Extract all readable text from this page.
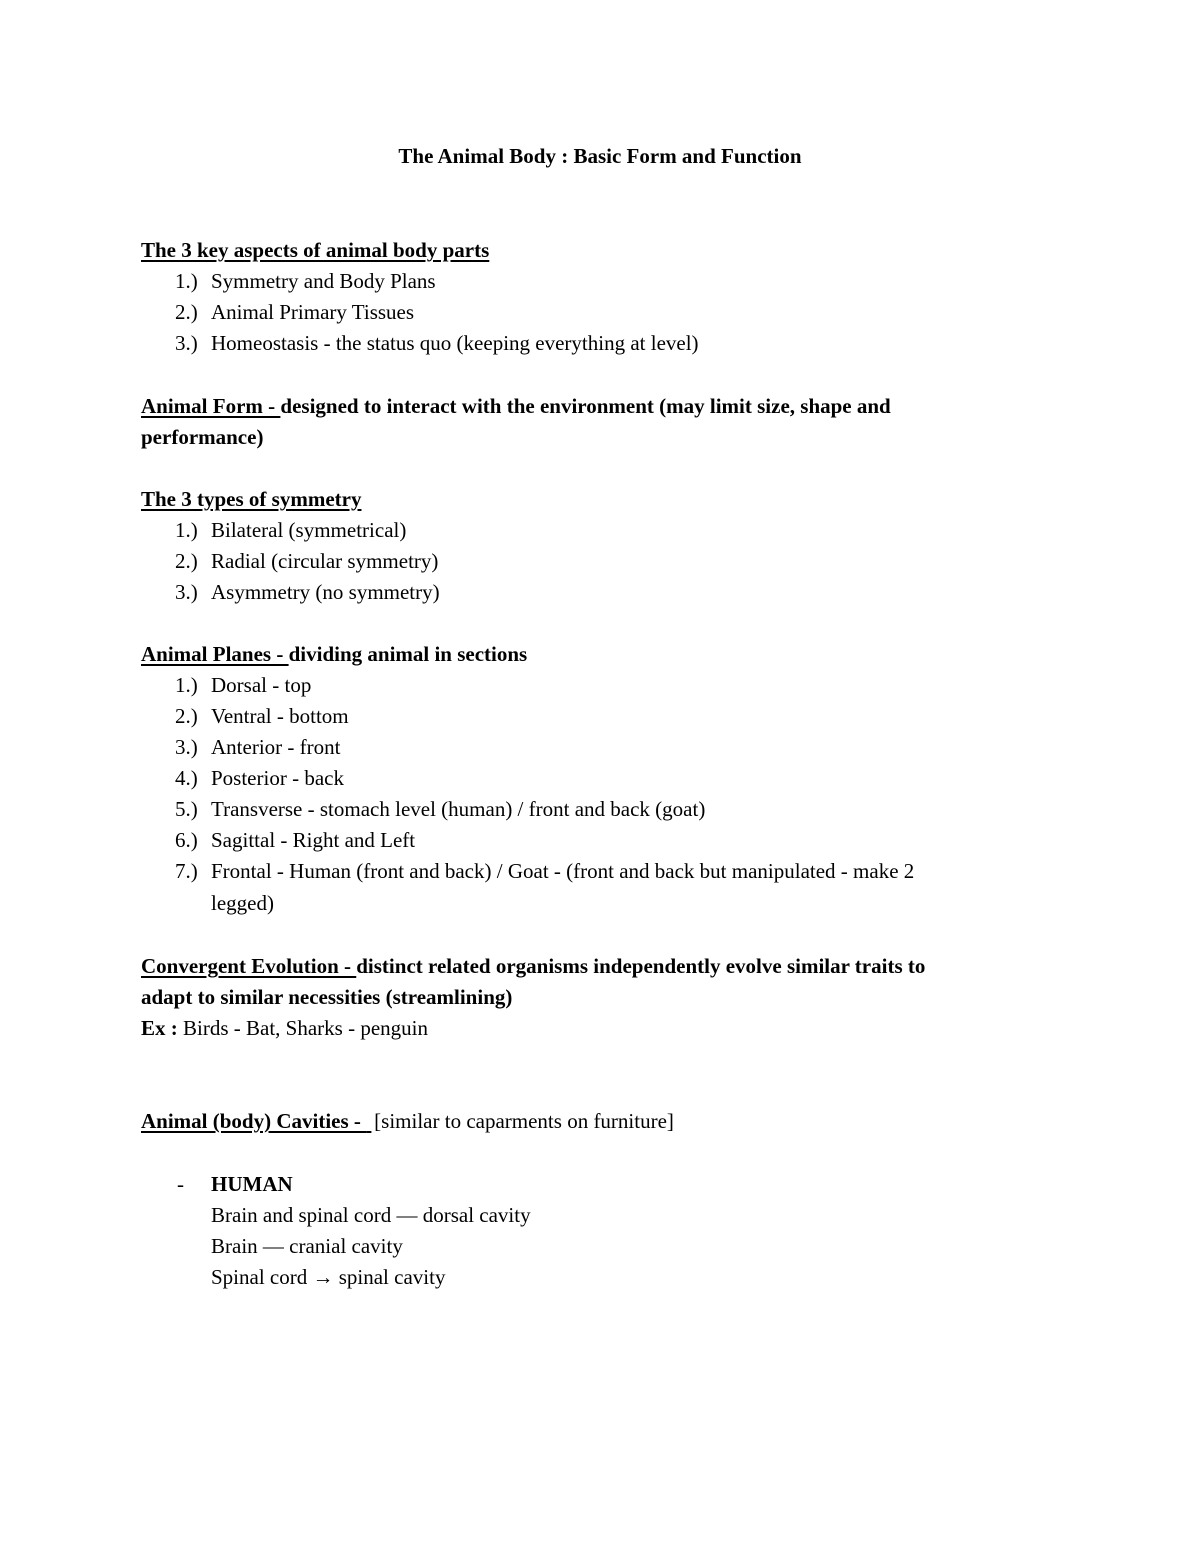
The Animal Body : Basic Form and Function
The 3 key aspects of animal body parts
1.) Symmetry and Body Plans
2.) Animal Primary Tissues
3.) Homeostasis - the status quo (keeping everything at level)
Animal Form - designed to interact with the environment (may limit size, shape and
performance)
The 3 types of symmetry
1.) Bilateral (symmetrical)
2.) Radial (circular symmetry)
3.) Asymmetry (no symmetry)
Animal Planes - dividing animal in sections
1.) Dorsal - top
2.) Ventral - bottom
3.) Anterior - front
4.) Posterior - back
5.) Transverse - stomach level (human) / front and back (goat)
6.) Sagittal - Right and Left
7.) Frontal - Human (front and back) / Goat - (front and back but manipulated - make 2
legged)
Convergent Evolution - distinct related organisms independently evolve similar traits to
adapt to similar necessities (streamlining)
Ex : Birds - Bat, Sharks - penguin
Animal (body) Cavities -  [similar to caparments on furniture]
- HUMAN
Brain and spinal cord — dorsal cavity
Brain — cranial cavity
Spinal cord → spinal cavity
